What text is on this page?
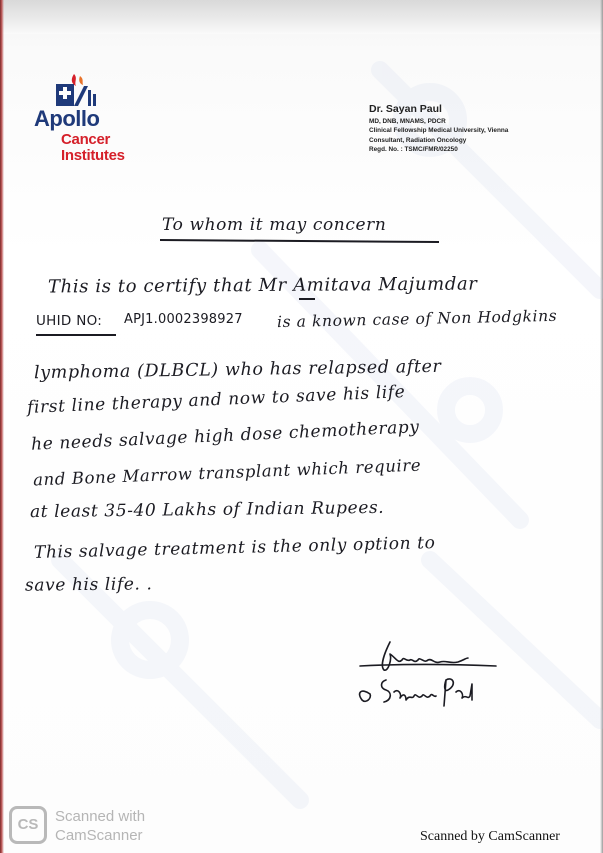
Apollo
Cancer
Institutes
Dr. Sayan Paul
MD, DNB, MNAMS, PDCR
Clinical Fellowship Medical University, Vienna
Consultant, Radiation Oncology
Regd. No. : TSMC/FMR/02250
To whom it may concern
This is to certify that Mr Amitava Majumdar
UHID NO: APJ1.0002398927 is a known case of Non Hodgkins
lymphoma (DLBCL) who has relapsed after
first line therapy and now to save his life
he needs salvage high dose chemotherapy
and Bone Marrow transplant which require
at least 35-40 Lakhs of Indian Rupees.
This salvage treatment is the only option to
save his life. .
CS	Scanned with
CamScanner	Scanned by CamScanner
